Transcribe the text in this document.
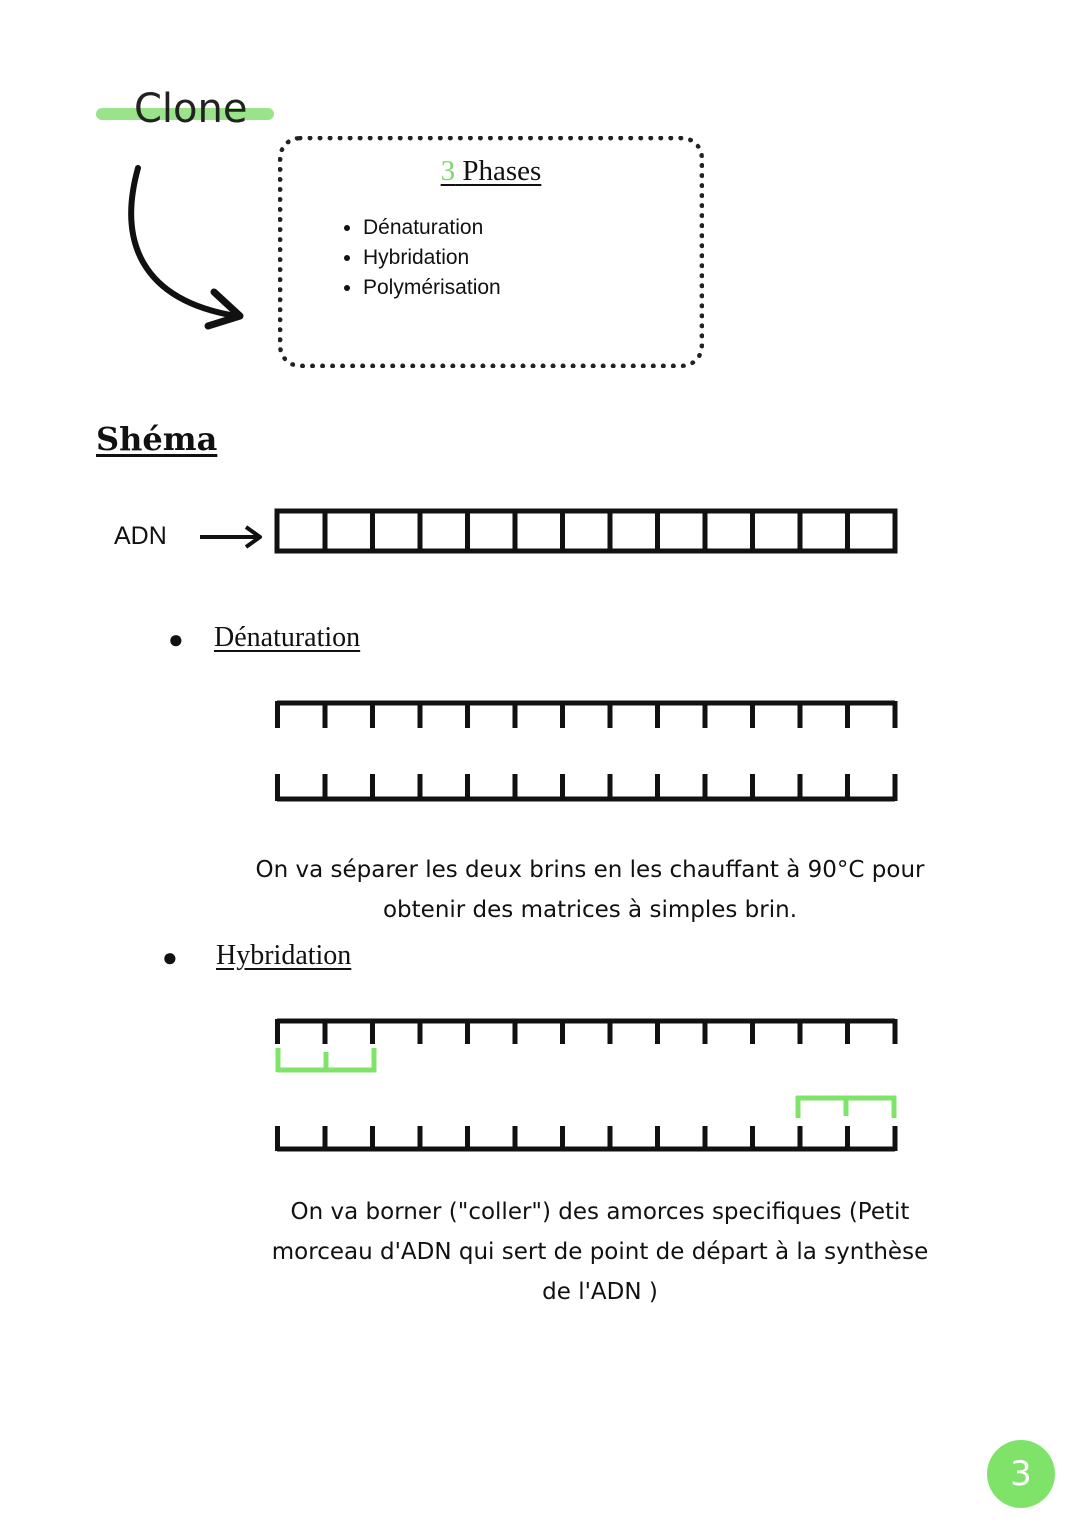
Clone
3 Phases
• Dénaturation
• Hybridation
• Polymérisation
Shéma
ADN
● Dénaturation
On va séparer les deux brins en les chauffant à 90°C pour
obtenir des matrices à simples brin.
● Hybridation
On va borner ("coller") des amorces specifiques (Petit
morceau d'ADN qui sert de point de départ à la synthèse
de l'ADN )
3
